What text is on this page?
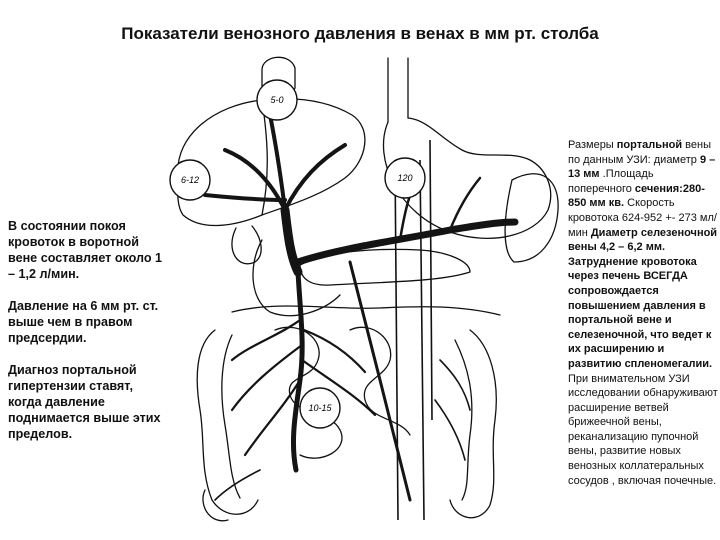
Показатели венозного давления в венах в мм рт. столба
5-0
6-12	120
10-15

В состоянии покоя кровоток в воротной вене составляет около 1 – 1,2 л/мин.

Давление на 6 мм рт. ст. выше чем в правом предсердии.

Диагноз портальной гипертензии ставят, когда давление поднимается выше этих пределов.

Размеры портальной вены по данным УЗИ: диаметр 9 – 13 мм .Площадь поперечного сечения:280-850 мм кв. Скорость кровотока 624-952 +- 273 мл/мин Диаметр селезеночной вены 4,2 – 6,2 мм. Затруднение кровотока через печень ВСЕГДА сопровождается повышением давления в портальной вене и селезеночной, что ведет к их расширению и развитию спленомегалии. При внимательном УЗИ исследовании обнаруживают расширение ветвей брижеечной вены, реканализацию пупочной вены, развитие новых венозных коллатеральных сосудов , включая почечные.
